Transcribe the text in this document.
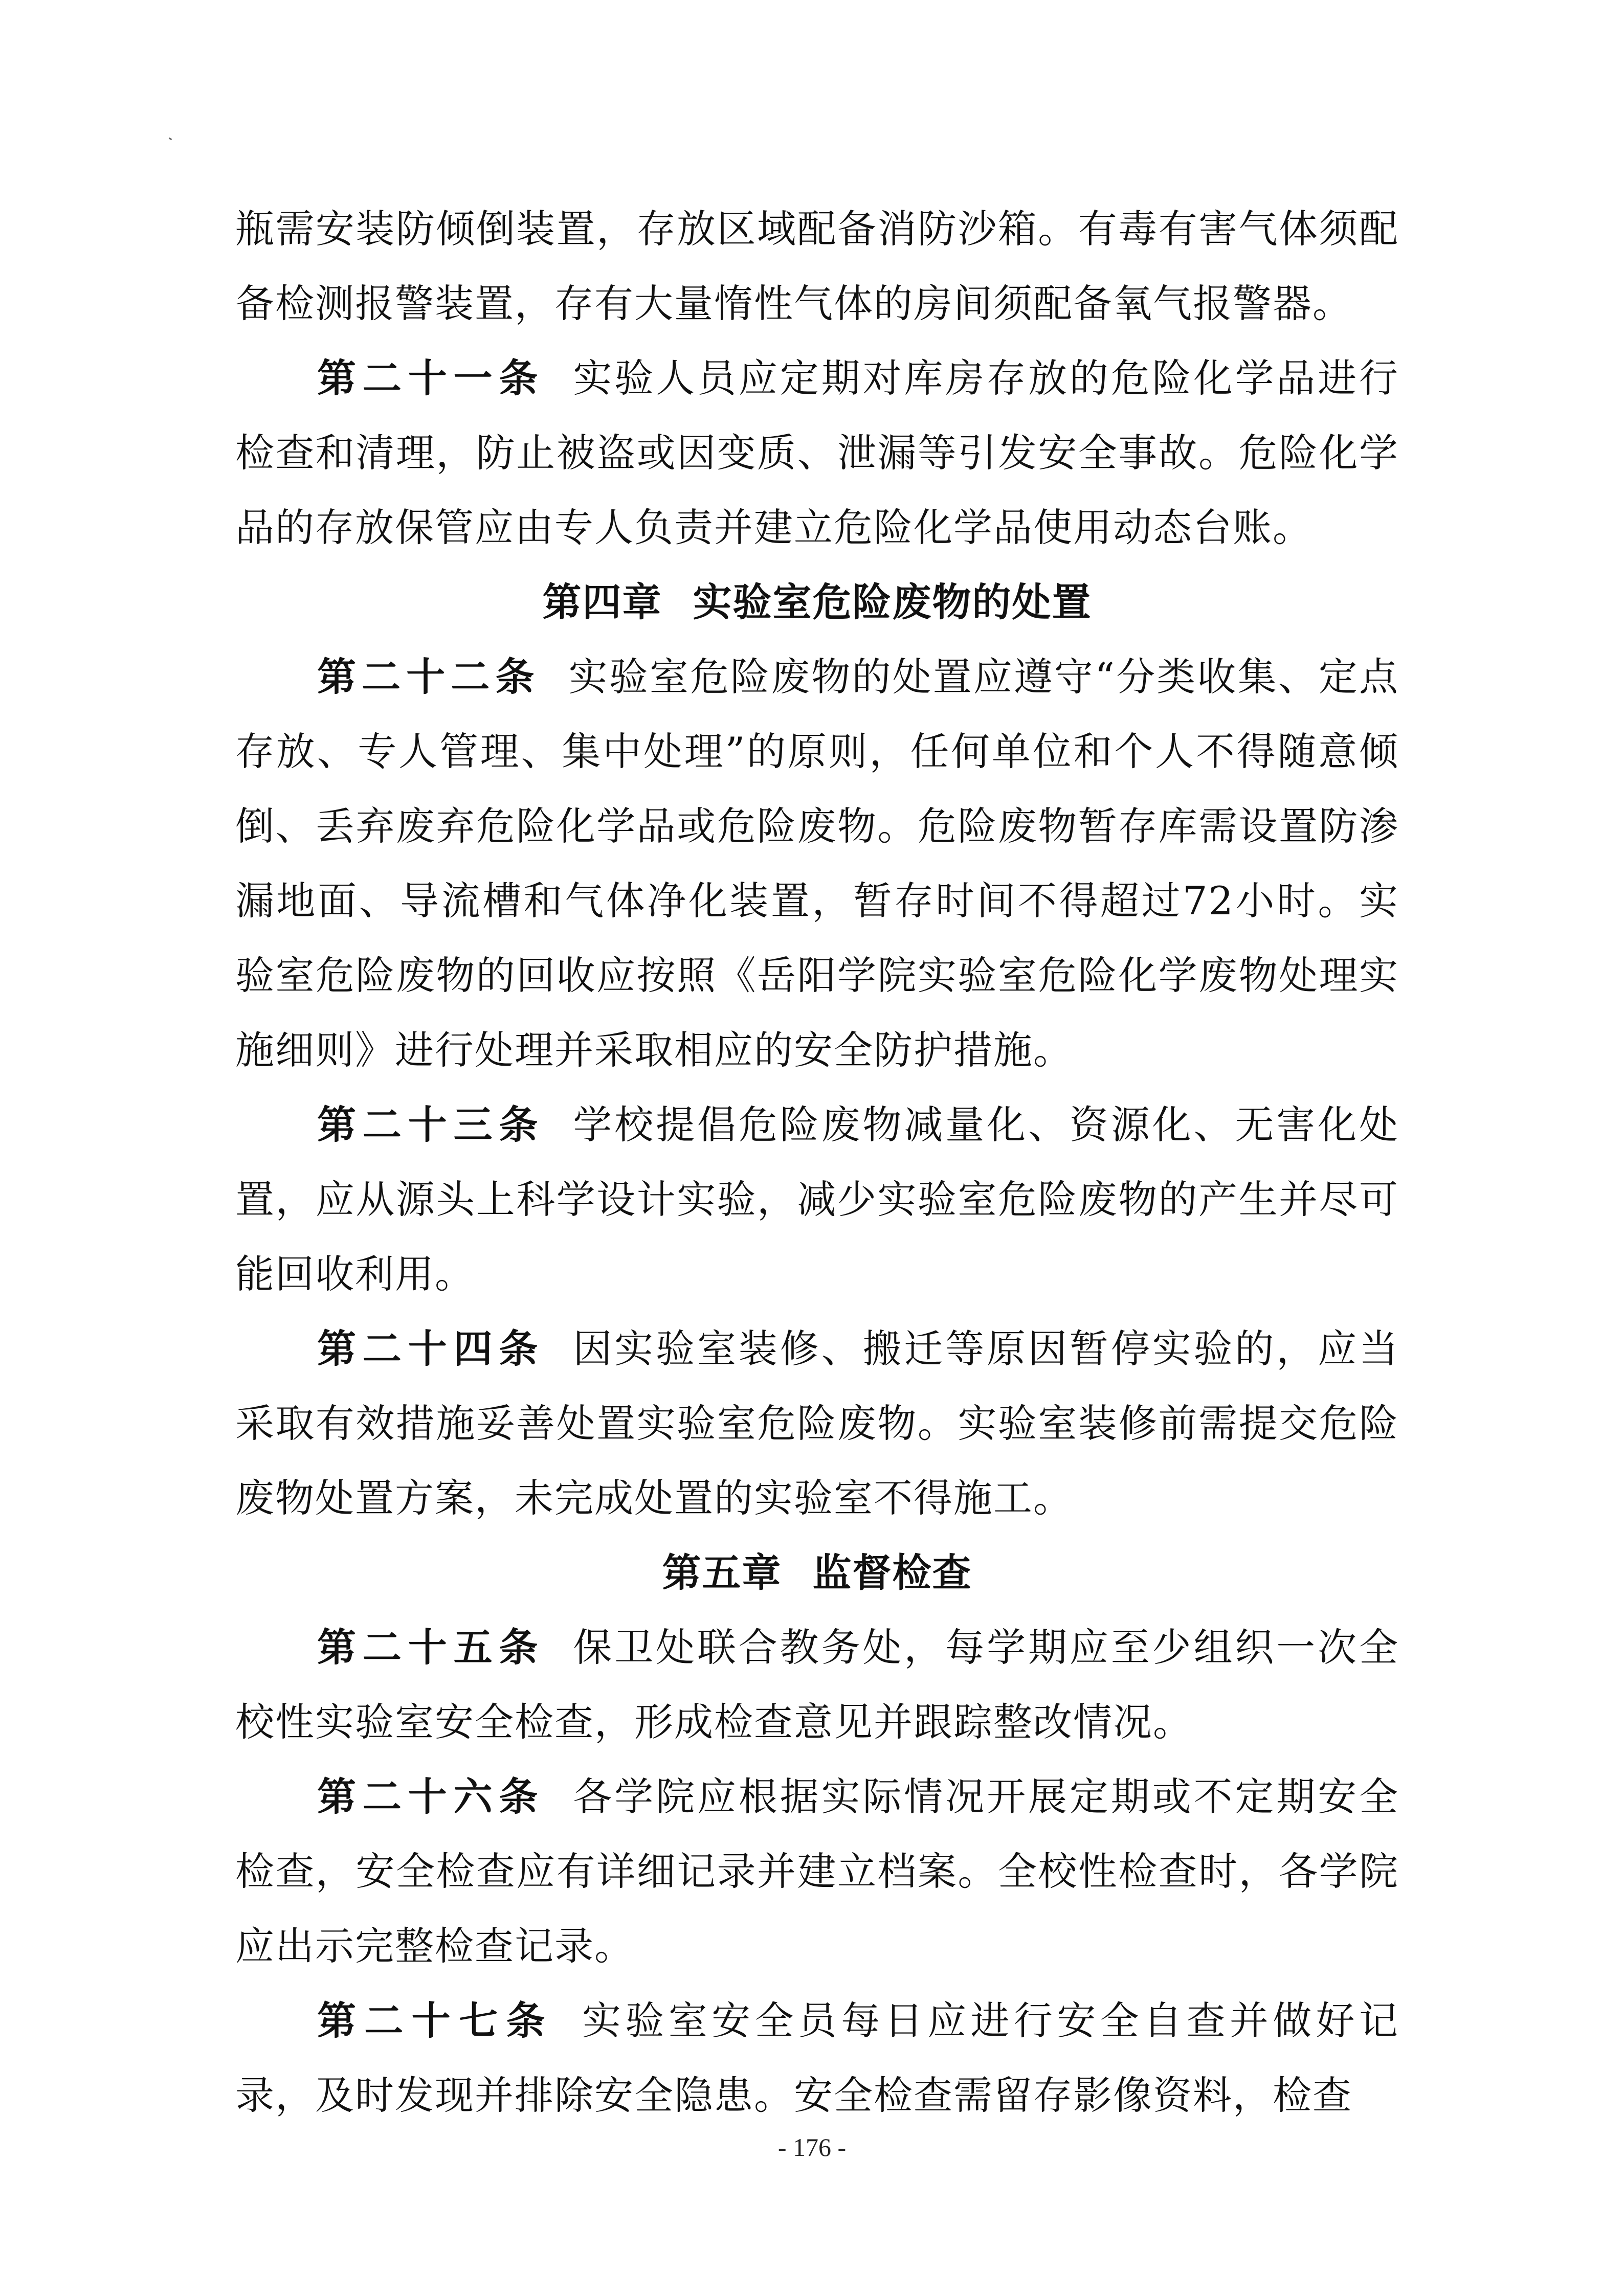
瓶需安装防倾倒装置，存放区域配备消防沙箱。有毒有害气体须配备检测报警装置，存有大量惰性气体的房间须配备氧气报警器。

第二十一条 实验人员应定期对库房存放的危险化学品进行检查和清理，防止被盗或因变质、泄漏等引发安全事故。危险化学品的存放保管应由专人负责并建立危险化学品使用动态台账。

第四章 实验室危险废物的处置

第二十二条 实验室危险废物的处置应遵守“分类收集、定点存放、专人管理、集中处理”的原则，任何单位和个人不得随意倾倒、丢弃废弃危险化学品或危险废物。危险废物暂存库需设置防渗漏地面、导流槽和气体净化装置，暂存时间不得超过72小时。实验室危险废物的回收应按照《岳阳学院实验室危险化学废物处理实施细则》进行处理并采取相应的安全防护措施。

第二十三条 学校提倡危险废物减量化、资源化、无害化处置，应从源头上科学设计实验，减少实验室危险废物的产生并尽可能回收利用。

第二十四条 因实验室装修、搬迁等原因暂停实验的，应当采取有效措施妥善处置实验室危险废物。实验室装修前需提交危险废物处置方案，未完成处置的实验室不得施工。

第五章 监督检查

第二十五条 保卫处联合教务处，每学期应至少组织一次全校性实验室安全检查，形成检查意见并跟踪整改情况。

第二十六条 各学院应根据实际情况开展定期或不定期安全检查，安全检查应有详细记录并建立档案。全校性检查时，各学院应出示完整检查记录。

第二十七条 实验室安全员每日应进行安全自查并做好记录，及时发现并排除安全隐患。安全检查需留存影像资料，检查

- 176 -
